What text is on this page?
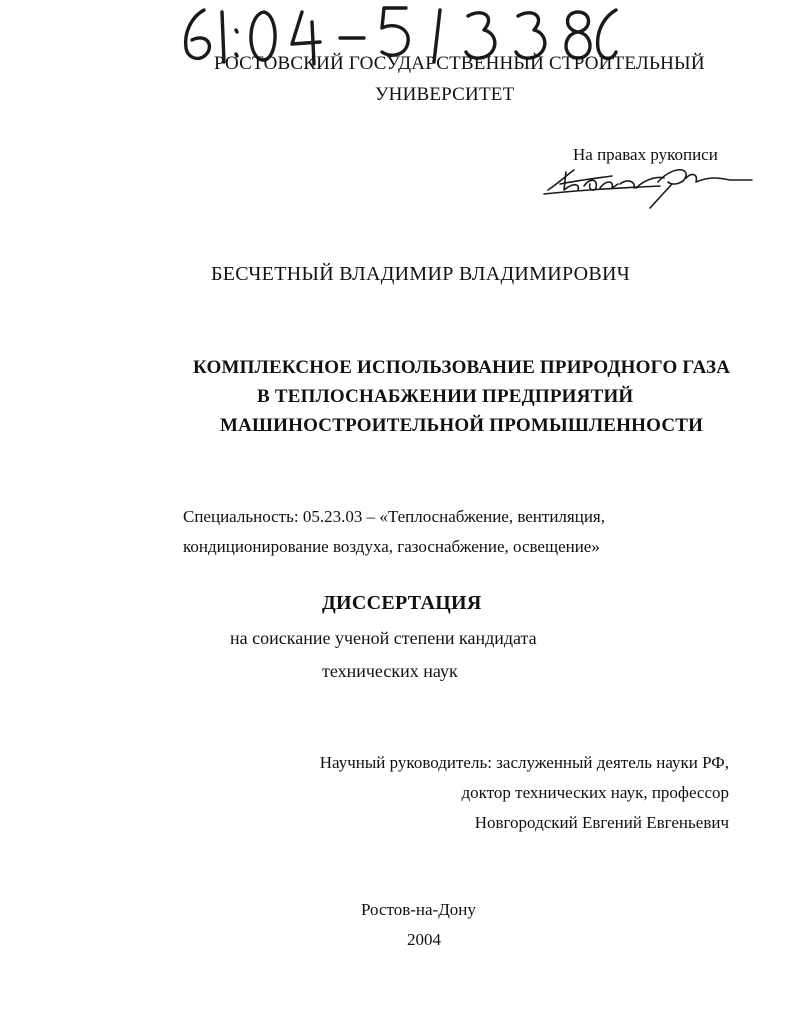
РОСТОВСКИЙ ГОСУДАРСТВЕННЫЙ СТРОИТЕЛЬНЫЙ
УНИВЕРСИТЕТ
На правах рукописи
БЕСЧЕТНЫЙ ВЛАДИМИР ВЛАДИМИРОВИЧ
КОМПЛЕКСНОЕ ИСПОЛЬЗОВАНИЕ ПРИРОДНОГО ГАЗА
В ТЕПЛОСНАБЖЕНИИ ПРЕДПРИЯТИЙ
МАШИНОСТРОИТЕЛЬНОЙ ПРОМЫШЛЕННОСТИ
Специальность: 05.23.03 – «Теплоснабжение, вентиляция,
кондиционирование воздуха, газоснабжение, освещение»
ДИССЕРТАЦИЯ
на соискание ученой степени кандидата
технических наук
Научный руководитель: заслуженный деятель науки РФ,
доктор технических наук, профессор
Новгородский Евгений Евгеньевич
Ростов-на-Дону
2004
